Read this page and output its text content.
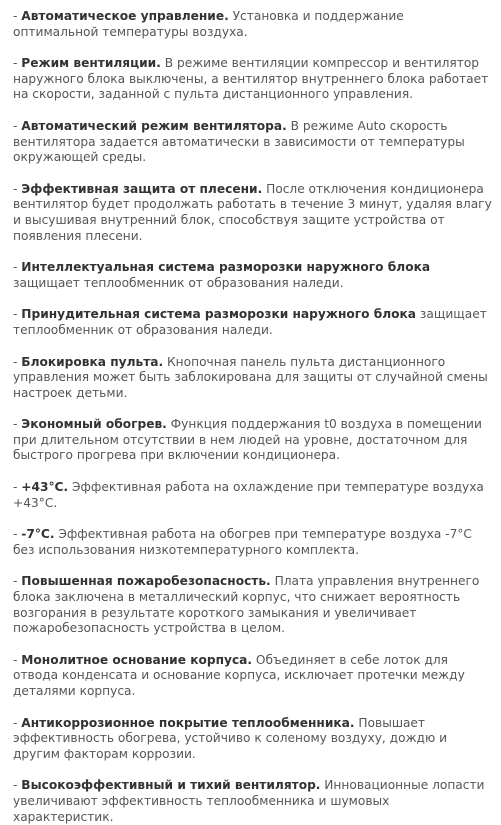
- Автоматическое управление. Установка и поддержание оптимальной температуры воздуха.

- Режим вентиляции. В режиме вентиляции компрессор и вентилятор наружного блока выключены, а вентилятор внутреннего блока работает на скорости, заданной с пульта дистанционного управления.

- Автоматический режим вентилятора. В режиме Auto скорость вентилятора задается автоматически в зависимости от температуры окружающей среды.

- Эффективная защита от плесени. После отключения кондиционера вентилятор будет продолжать работать в течение 3 минут, удаляя влагу и высушивая внутренний блок, способствуя защите устройства от появления плесени.

- Интеллектуальная система разморозки наружного блока защищает теплообменник от образования наледи.

- Принудительная система разморозки наружного блока защищает теплообменник от образования наледи.

- Блокировка пульта. Кнопочная панель пульта дистанционного управления может быть заблокирована для защиты от случайной смены настроек детьми.

- Экономный обогрев. Функция поддержания t0 воздуха в помещении при длительном отсутствии в нем людей на уровне, достаточном для быстрого прогрева при включении кондиционера.

- +43°С. Эффективная работа на охлаждение при температуре воздуха +43°С.

- -7°С. Эффективная работа на обогрев при температуре воздуха -7°С без использования низкотемпературного комплекта.

- Повышенная пожаробезопасность. Плата управления внутреннего блока заключена в металлический корпус, что снижает вероятность возгорания в результате короткого замыкания и увеличивает пожаробезопасность устройства в целом.

- Монолитное основание корпуса. Объединяет в себе лоток для отвода конденсата и основание корпуса, исключает протечки между деталями корпуса.

- Антикоррозионное покрытие теплообменника. Повышает эффективность обогрева, устойчиво к соленому воздуху, дождю и другим факторам коррозии.

- Высокоэффективный и тихий вентилятор. Инновационные лопасти увеличивают эффективность теплообменника и шумовых характеристик.
